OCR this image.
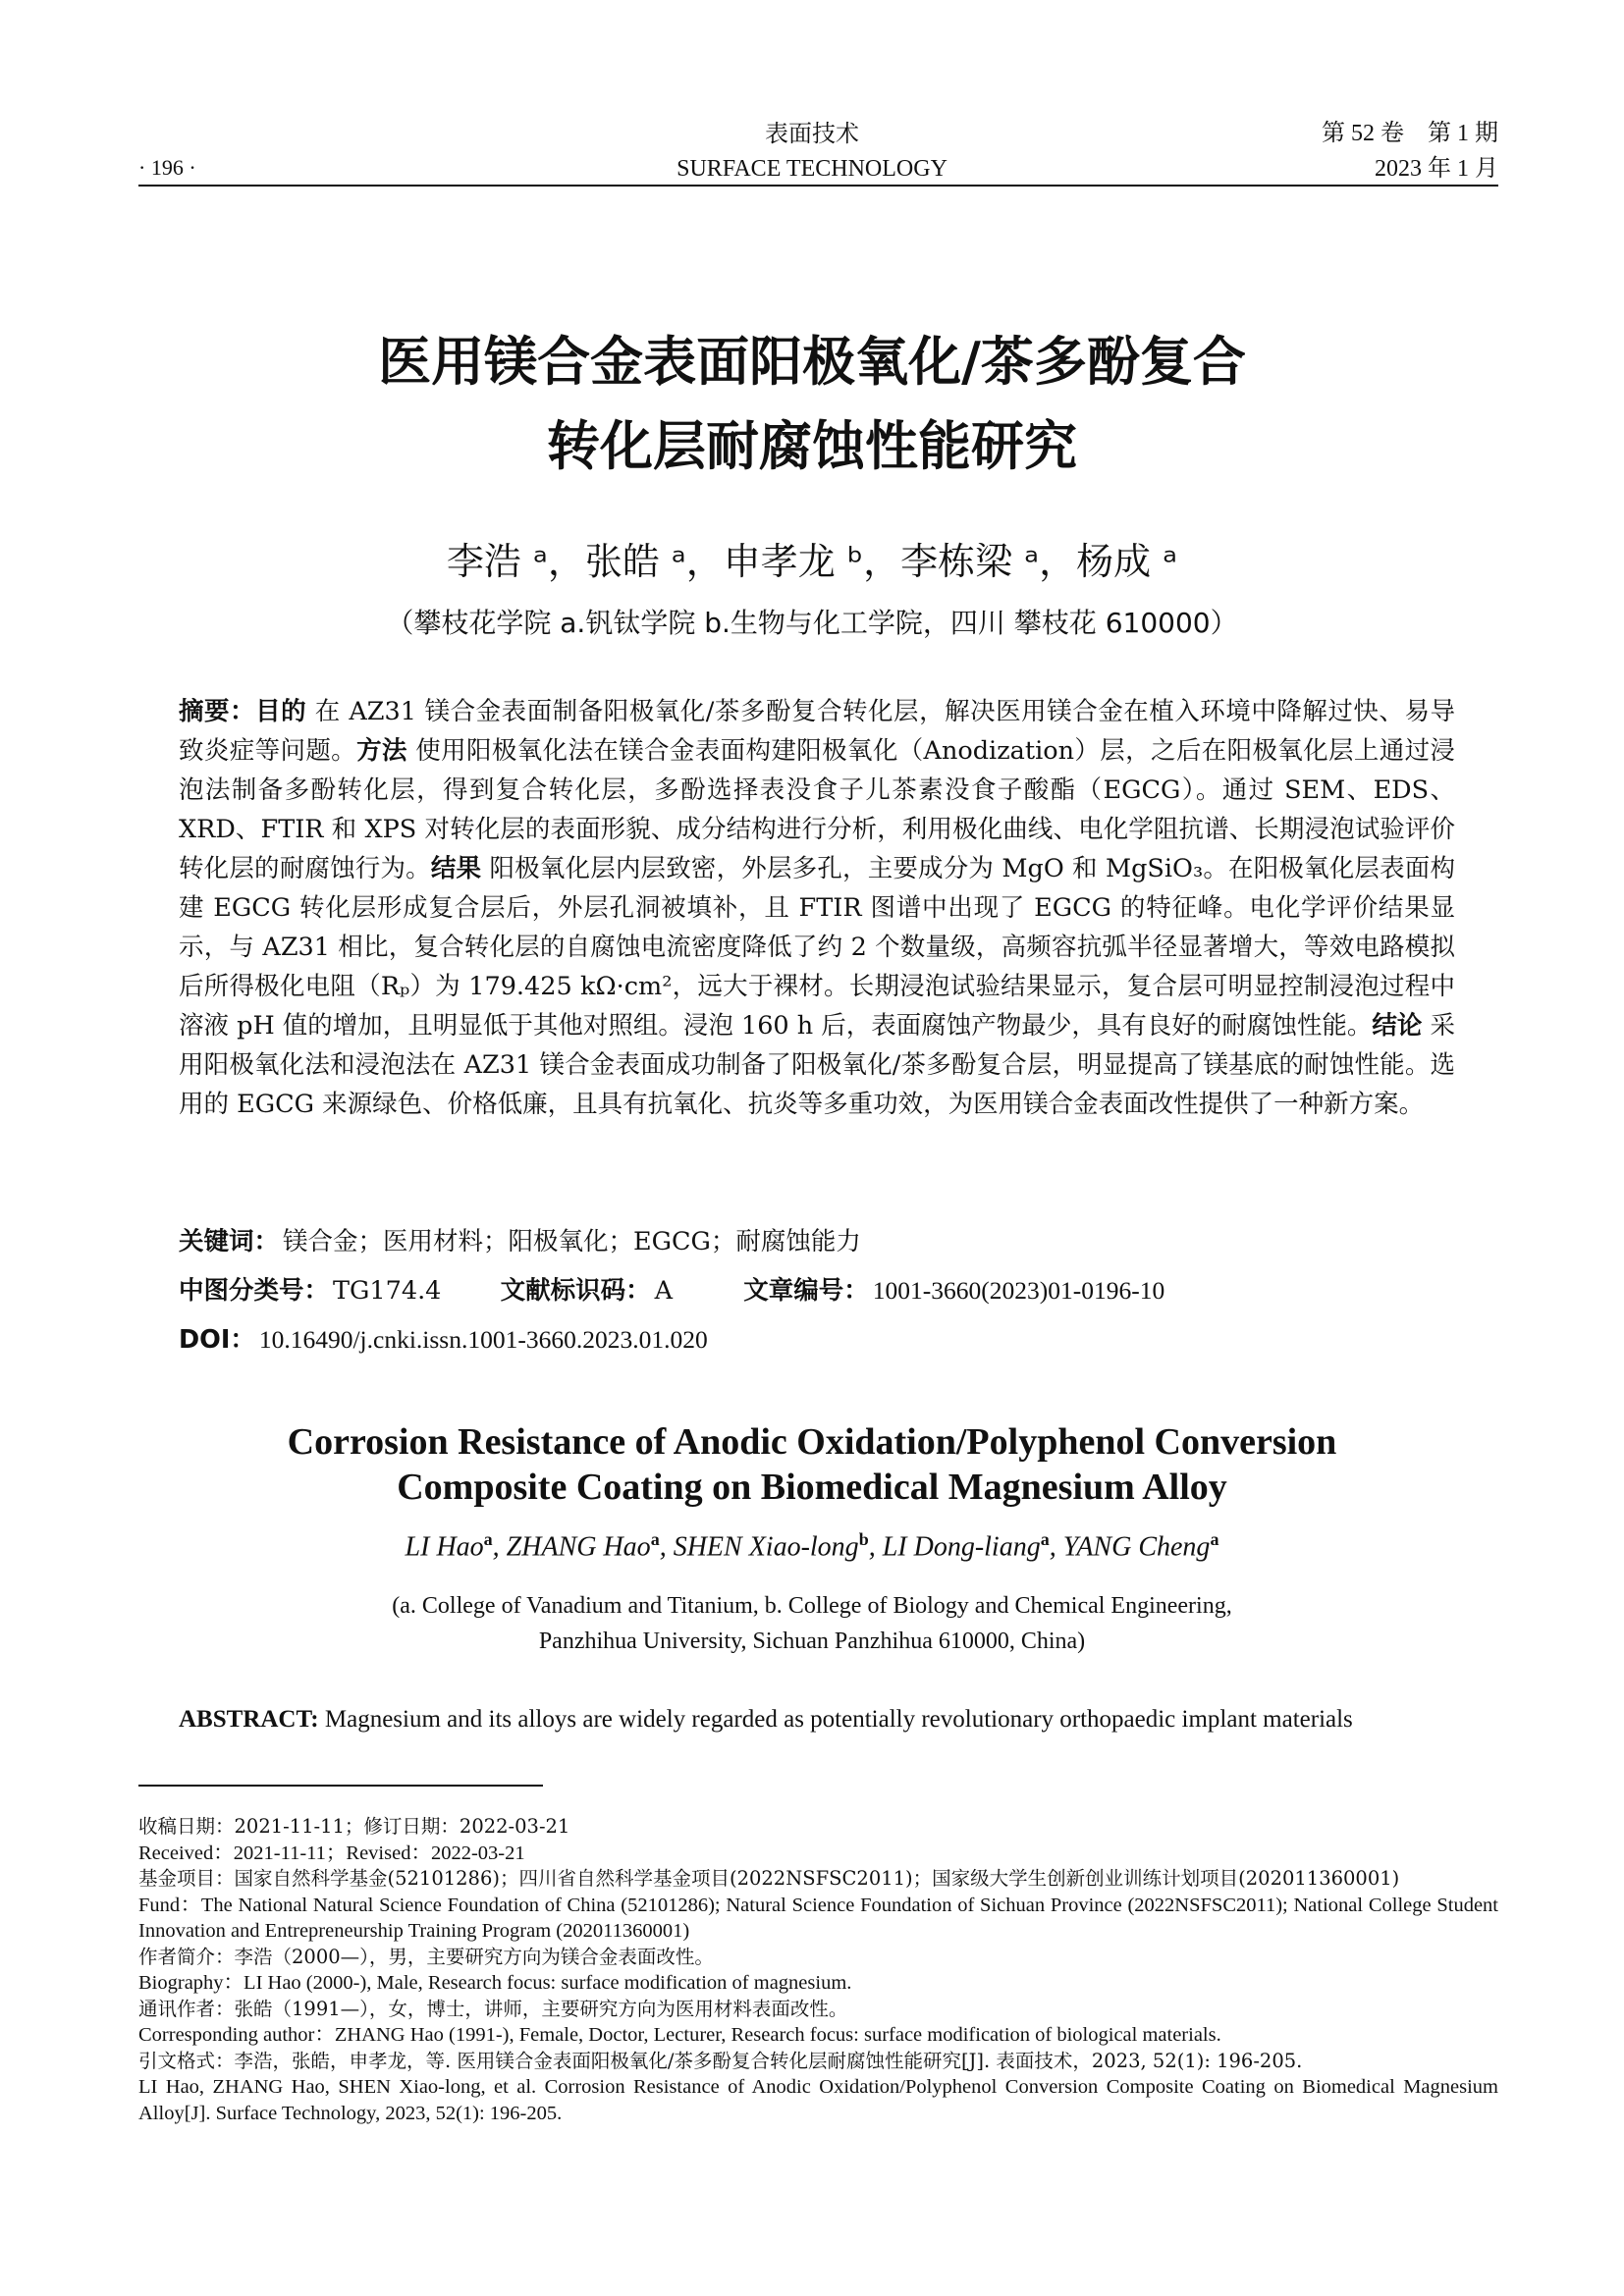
· 196 ·
表面技术
SURFACE TECHNOLOGY
第 52 卷　第 1 期
2023 年 1 月
医用镁合金表面阳极氧化/茶多酚复合
转化层耐腐蚀性能研究
李浩 ᵃ，张皓 ᵃ，申孝龙 ᵇ，李栋梁 ᵃ，杨成 ᵃ
（攀枝花学院 a.钒钛学院 b.生物与化工学院，四川 攀枝花 610000）
摘要：目的 在 AZ31 镁合金表面制备阳极氧化/茶多酚复合转化层，解决医用镁合金在植入环境中降解过快、易导致炎症等问题。方法 使用阳极氧化法在镁合金表面构建阳极氧化（Anodization）层，之后在阳极氧化层上通过浸泡法制备多酚转化层，得到复合转化层，多酚选择表没食子儿茶素没食子酸酯（EGCG）。通过 SEM、EDS、XRD、FTIR 和 XPS 对转化层的表面形貌、成分结构进行分析，利用极化曲线、电化学阻抗谱、长期浸泡试验评价转化层的耐腐蚀行为。结果 阳极氧化层内层致密，外层多孔，主要成分为 MgO 和 MgSiO₃。在阳极氧化层表面构建 EGCG 转化层形成复合层后，外层孔洞被填补，且 FTIR 图谱中出现了 EGCG 的特征峰。电化学评价结果显示，与 AZ31 相比，复合转化层的自腐蚀电流密度降低了约 2 个数量级，高频容抗弧半径显著增大，等效电路模拟后所得极化电阻（Rₚ）为 179.425 kΩ·cm²，远大于裸材。长期浸泡试验结果显示，复合层可明显控制浸泡过程中溶液 pH 值的增加，且明显低于其他对照组。浸泡 160 h 后，表面腐蚀产物最少，具有良好的耐腐蚀性能。结论 采用阳极氧化法和浸泡法在 AZ31 镁合金表面成功制备了阳极氧化/茶多酚复合层，明显提高了镁基底的耐蚀性能。选用的 EGCG 来源绿色、价格低廉，且具有抗氧化、抗炎等多重功效，为医用镁合金表面改性提供了一种新方案。
关键词： 镁合金；医用材料；阳极氧化；EGCG；耐腐蚀能力
中图分类号： TG174.4 文献标识码： A	文章编号： 1001-3660(2023)01-0196-10
DOI： 10.16490/j.cnki.issn.1001-3660.2023.01.020
Corrosion Resistance of Anodic Oxidation/Polyphenol Conversion
Composite Coating on Biomedical Magnesium Alloy
LI Hao$^a$, ZHANG Hao$^a$, SHEN Xiao-long$^b$, LI Dong-liang$^a$, YANG Cheng$^a$
(a. College of Vanadium and Titanium, b. College of Biology and Chemical Engineering,
Panzhihua University, Sichuan Panzhihua 610000, China)
ABSTRACT: Magnesium and its alloys are widely regarded as potentially revolutionary orthopaedic implant materials
收稿日期：2021-11-11；修订日期：2022-03-21
Received：2021-11-11；Revised：2022-03-21
基金项目：国家自然科学基金(52101286)；四川省自然科学基金项目(2022NSFSC2011)；国家级大学生创新创业训练计划项目(202011360001)
Fund：The National Natural Science Foundation of China (52101286); Natural Science Foundation of Sichuan Province (2022NSFSC2011); National College Student Innovation and Entrepreneurship Training Program (202011360001)
作者简介：李浩（2000—），男，主要研究方向为镁合金表面改性。
Biography：LI Hao (2000-), Male, Research focus: surface modification of magnesium.
通讯作者：张皓（1991—），女，博士，讲师，主要研究方向为医用材料表面改性。
Corresponding author：ZHANG Hao (1991-), Female, Doctor, Lecturer, Research focus: surface modification of biological materials.
引文格式：李浩，张皓，申孝龙，等. 医用镁合金表面阳极氧化/茶多酚复合转化层耐腐蚀性能研究[J]. 表面技术，2023, 52(1): 196-205.
LI Hao, ZHANG Hao, SHEN Xiao-long, et al. Corrosion Resistance of Anodic Oxidation/Polyphenol Conversion Composite Coating on Biomedical Magnesium Alloy[J]. Surface Technology, 2023, 52(1): 196-205.
